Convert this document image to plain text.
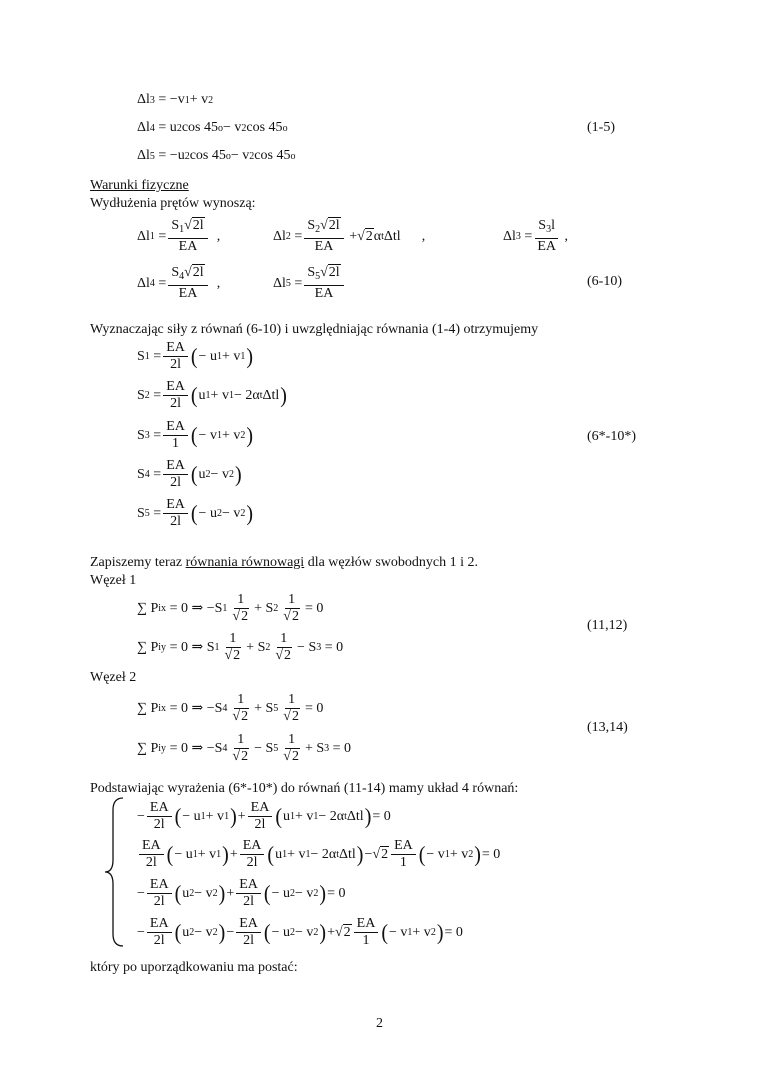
Δl 3 = −v 1 + v 2
Δl 4 = u 2 cos 45 o − v 2 cos 45 o
Δl 5 = −u 2 cos 45 o − v 2 cos 45 o
(1-5)
Warunki fizyczne
Wydłużenia prętów wynoszą:
Δl $1 = \frac{S_1√2l}{EA}$ ,	Δl $2 = \frac{S_2√2l}{EA} + √2$ α t Δtl      ,	Δl $3 = \frac{S_3l}{EA}$ ,
Δl $4 = \frac{S_4√2l}{EA}$ ,	Δl $5 = \frac{S_5√2l}{EA}$	(6-10)
Wyznaczając siły z równań (6-10) i uwzględniając równania (1-4) otrzymujemy
S $1 = \frac{EA}{2l}$ ( − u 1 + v 1 )
S $2 = \frac{EA}{2l}$ ( u 1 + v 1 − 2α t Δtl )
S $3 = \frac{EA}{1}$ ( − v 1 + v 2 )
S $4 = \frac{EA}{2l}$ ( u 2 − v 2 )
S $5 = \frac{EA}{2l}$ ( − u 2 − v 2 )
(6*-10*)
Zapiszemy teraz równania równowagi dla węzłów swobodnych 1 i 2.
Węzeł 1
∑ P ix = 0 ⇒ −S $1 \frac{1}{√2} + S$ $2 \frac{1}{√2} = 0$
∑ P iy = 0 ⇒ S $1 \frac{1}{√2} + S$ $2 \frac{1}{√2} - S$ 3 = 0
(11,12)
Węzeł 2
∑ P ix = 0 ⇒ −S $4 \frac{1}{√2} + S$ $5 \frac{1}{√2} = 0$
∑ P iy = 0 ⇒ −S $4 \frac{1}{√2} - S$ $5 \frac{1}{√2} + S$ 3 = 0
(13,14)
Podstawiając wyrażenia (6*-10*) do równań (11-14) mamy układ 4 równań:
− $\frac{EA}{2l}$ ( − u 1 + v 1 ) + $\frac{EA}{2l}$ ( u 1 + v 1 − 2α t Δtl ) = 0
$\frac{EA}{2l}$ ( − u 1 + v 1 ) + $\frac{EA}{2l}$ ( u 1 + v 1 − 2α t Δtl ) − $√2 \frac{EA}{1}$ ( − v 1 + v 2 ) = 0
− $\frac{EA}{2l}$ ( u 2 − v 2 ) + $\frac{EA}{2l}$ ( − u 2 − v 2 ) = 0
− $\frac{EA}{2l}$ ( u 2 − v 2 ) − $\frac{EA}{2l}$ ( − u 2 − v 2 ) + $√2 \frac{EA}{1}$ ( − v 1 + v 2 ) = 0
który po uporządkowaniu ma postać:
2
